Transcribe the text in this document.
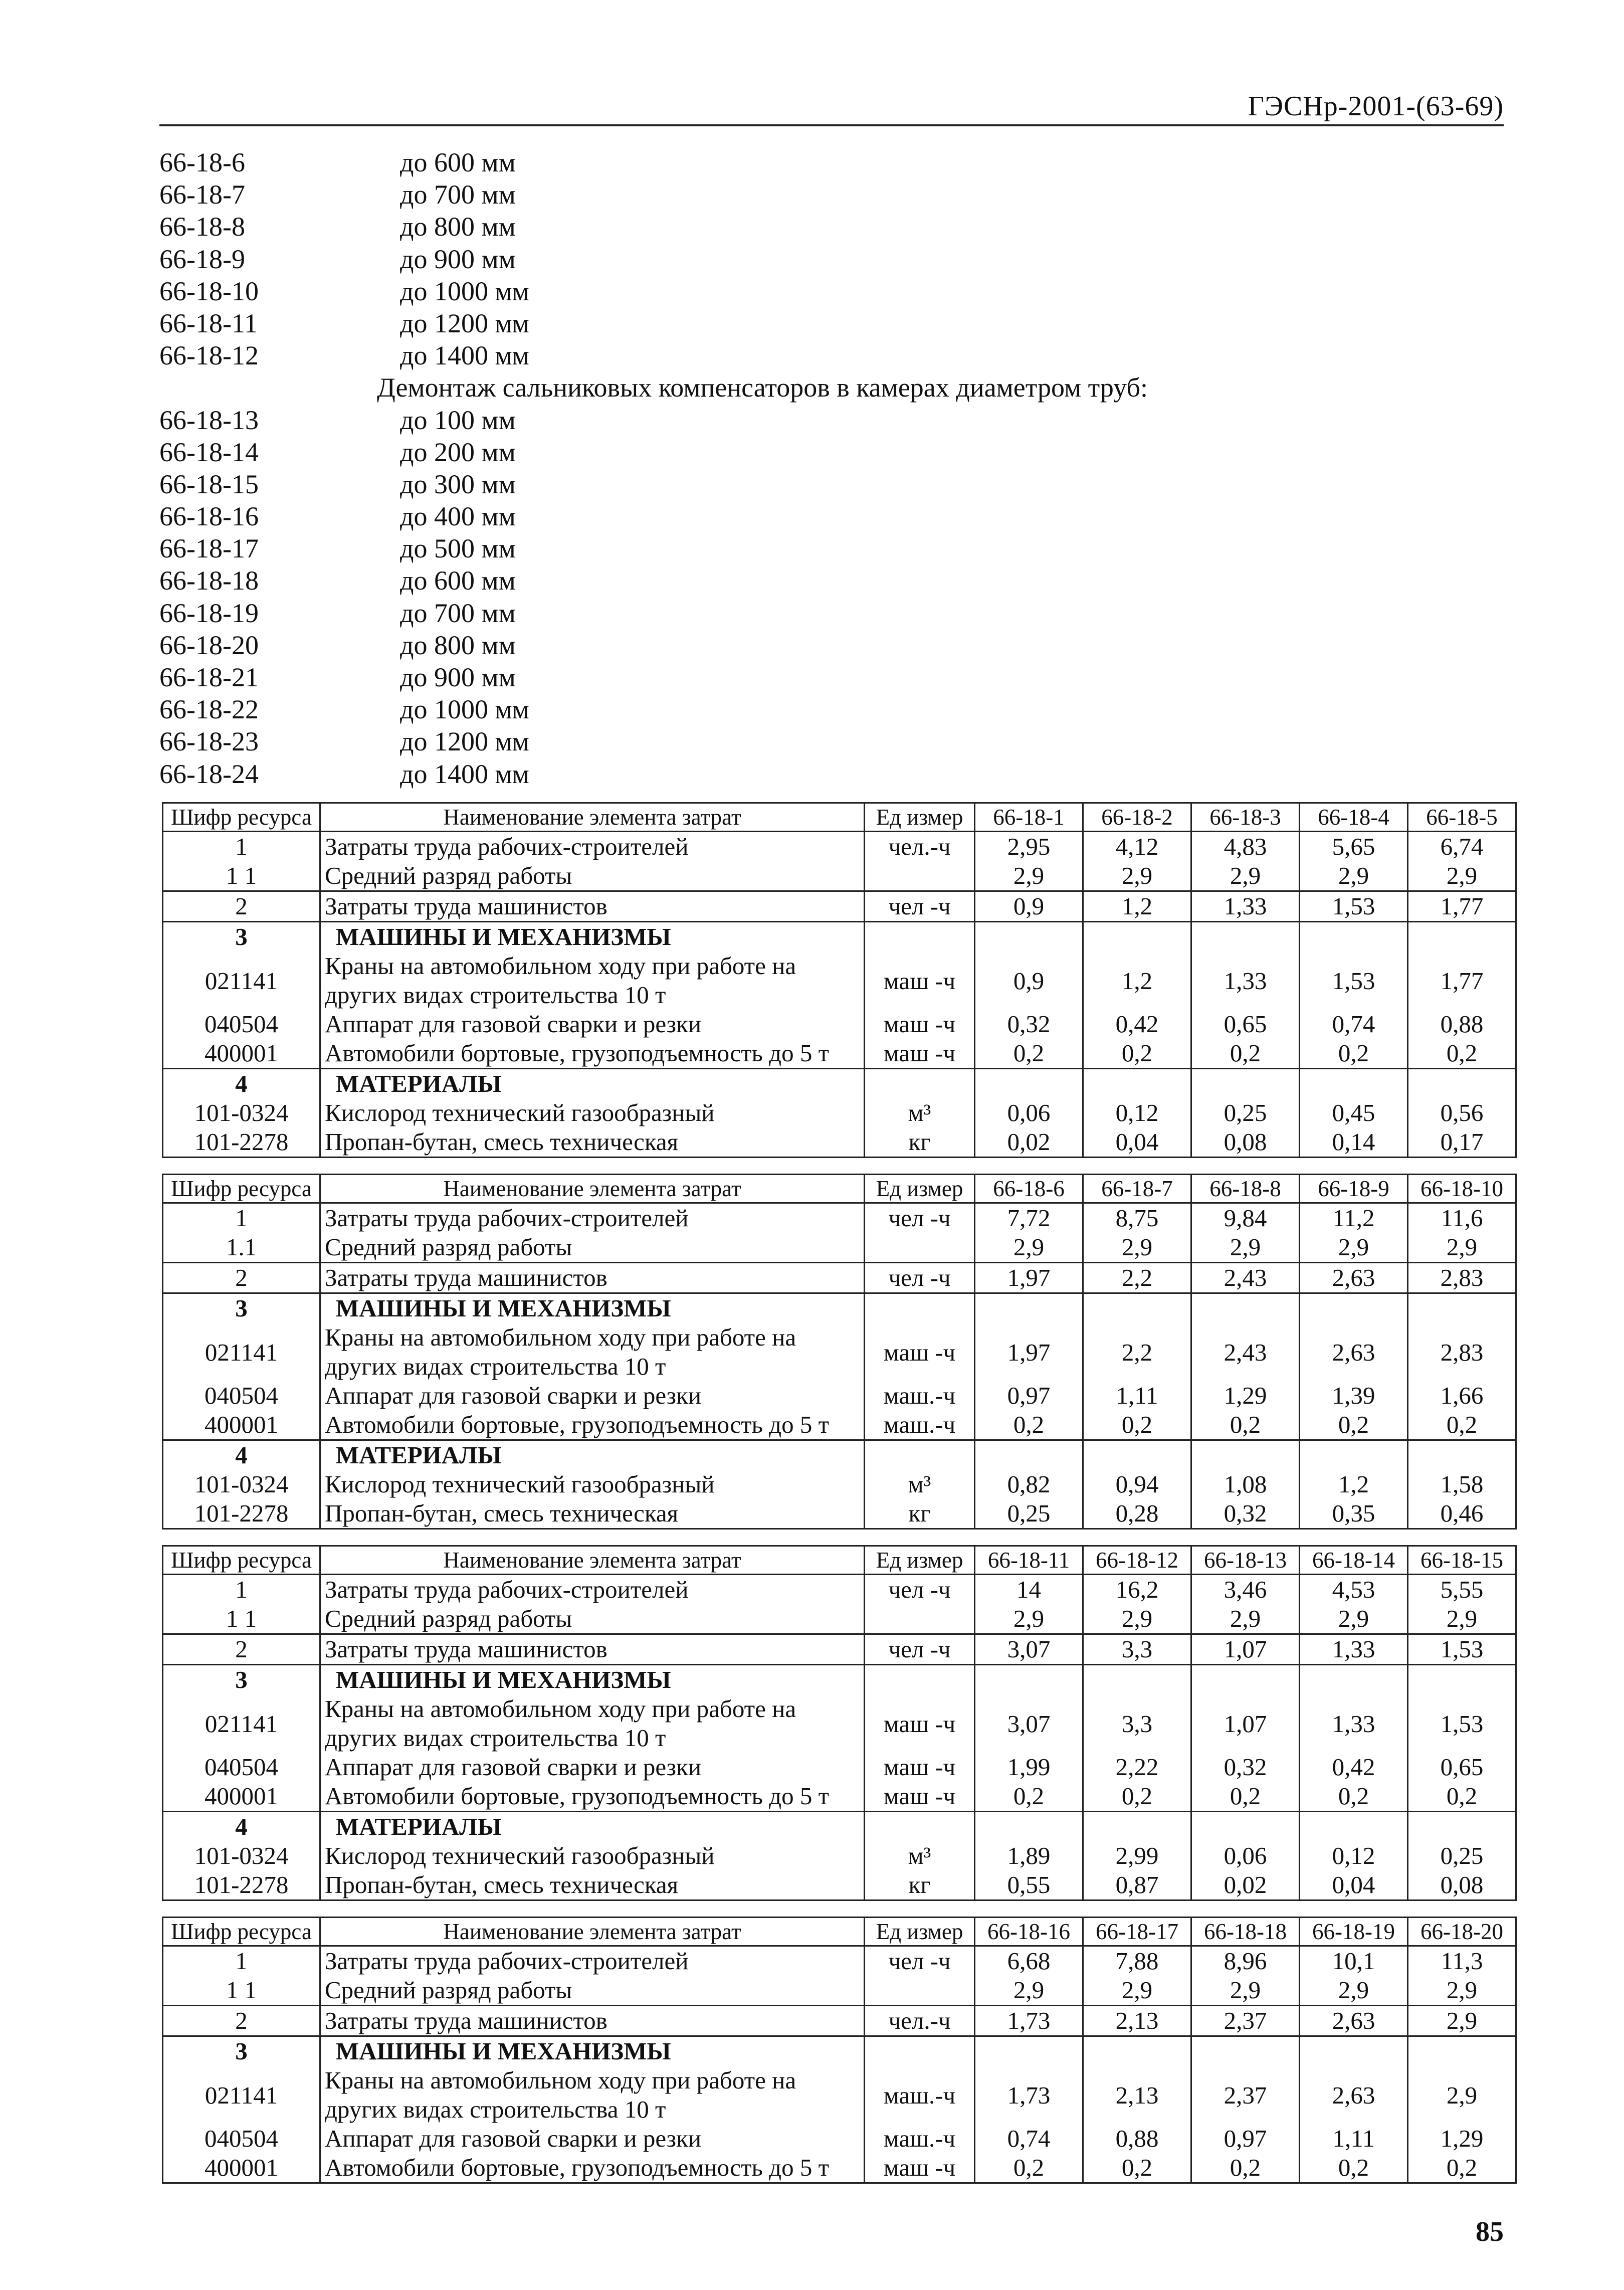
ГЭСНр-2001-(63-69)
66-18-6	до 600 мм
66-18-7	до 700 мм
66-18-8	до 800 мм
66-18-9	до 900 мм
66-18-10	до 1000 мм
66-18-11	до 1200 мм
66-18-12	до 1400 мм
Демонтаж сальниковых компенсаторов в камерах диаметром труб:
66-18-13	до 100 мм
66-18-14	до 200 мм
66-18-15	до 300 мм
66-18-16	до 400 мм
66-18-17	до 500 мм
66-18-18	до 600 мм
66-18-19	до 700 мм
66-18-20	до 800 мм
66-18-21	до 900 мм
66-18-22	до 1000 мм
66-18-23	до 1200 мм
66-18-24	до 1400 мм
Шифр ресурса	Наименование элемента затрат	Ед измер	66-18-1	66-18-2	66-18-3	66-18-4	66-18-5
1	Затраты труда рабочих-строителей	чел.-ч	2,95	4,12	4,83	5,65	6,74
1 1	Средний разряд работы		2,9	2,9	2,9	2,9	2,9
2	Затраты труда машинистов	чел -ч	0,9	1,2	1,33	1,53	1,77
3	МАШИНЫ И МЕХАНИЗМЫ						
021141	Краны на автомобильном ходу при работе на других видах строительства 10 т	маш -ч	0,9	1,2	1,33	1,53	1,77
040504	Аппарат для газовой сварки и резки	маш -ч	0,32	0,42	0,65	0,74	0,88
400001	Автомобили бортовые, грузоподъемность до 5 т	маш -ч	0,2	0,2	0,2	0,2	0,2
4	МАТЕРИАЛЫ						
101-0324	Кислород технический газообразный	м³	0,06	0,12	0,25	0,45	0,56
101-2278	Пропан-бутан, смесь техническая	кг	0,02	0,04	0,08	0,14	0,17
Шифр ресурса	Наименование элемента затрат	Ед измер	66-18-6	66-18-7	66-18-8	66-18-9	66-18-10
1	Затраты труда рабочих-строителей	чел -ч	7,72	8,75	9,84	11,2	11,6
1.1	Средний разряд работы		2,9	2,9	2,9	2,9	2,9
2	Затраты труда машинистов	чел -ч	1,97	2,2	2,43	2,63	2,83
3	МАШИНЫ И МЕХАНИЗМЫ						
021141	Краны на автомобильном ходу при работе на других видах строительства 10 т	маш -ч	1,97	2,2	2,43	2,63	2,83
040504	Аппарат для газовой сварки и резки	маш.-ч	0,97	1,11	1,29	1,39	1,66
400001	Автомобили бортовые, грузоподъемность до 5 т	маш.-ч	0,2	0,2	0,2	0,2	0,2
4	МАТЕРИАЛЫ						
101-0324	Кислород технический газообразный	м³	0,82	0,94	1,08	1,2	1,58
101-2278	Пропан-бутан, смесь техническая	кг	0,25	0,28	0,32	0,35	0,46
Шифр ресурса	Наименование элемента затрат	Ед измер	66-18-11	66-18-12	66-18-13	66-18-14	66-18-15
1	Затраты труда рабочих-строителей	чел -ч	14	16,2	3,46	4,53	5,55
1 1	Средний разряд работы		2,9	2,9	2,9	2,9	2,9
2	Затраты труда машинистов	чел -ч	3,07	3,3	1,07	1,33	1,53
3	МАШИНЫ И МЕХАНИЗМЫ						
021141	Краны на автомобильном ходу при работе на других видах строительства 10 т	маш -ч	3,07	3,3	1,07	1,33	1,53
040504	Аппарат для газовой сварки и резки	маш -ч	1,99	2,22	0,32	0,42	0,65
400001	Автомобили бортовые, грузоподъемность до 5 т	маш -ч	0,2	0,2	0,2	0,2	0,2
4	МАТЕРИАЛЫ						
101-0324	Кислород технический газообразный	м³	1,89	2,99	0,06	0,12	0,25
101-2278	Пропан-бутан, смесь техническая	кг	0,55	0,87	0,02	0,04	0,08
Шифр ресурса	Наименование элемента затрат	Ед измер	66-18-16	66-18-17	66-18-18	66-18-19	66-18-20
1	Затраты труда рабочих-строителей	чел -ч	6,68	7,88	8,96	10,1	11,3
1 1	Средний разряд работы		2,9	2,9	2,9	2,9	2,9
2	Затраты труда машинистов	чел.-ч	1,73	2,13	2,37	2,63	2,9
3	МАШИНЫ И МЕХАНИЗМЫ						
021141	Краны на автомобильном ходу при работе на других видах строительства 10 т	маш.-ч	1,73	2,13	2,37	2,63	2,9
040504	Аппарат для газовой сварки и резки	маш.-ч	0,74	0,88	0,97	1,11	1,29
400001	Автомобили бортовые, грузоподъемность до 5 т	маш -ч	0,2	0,2	0,2	0,2	0,2
85
